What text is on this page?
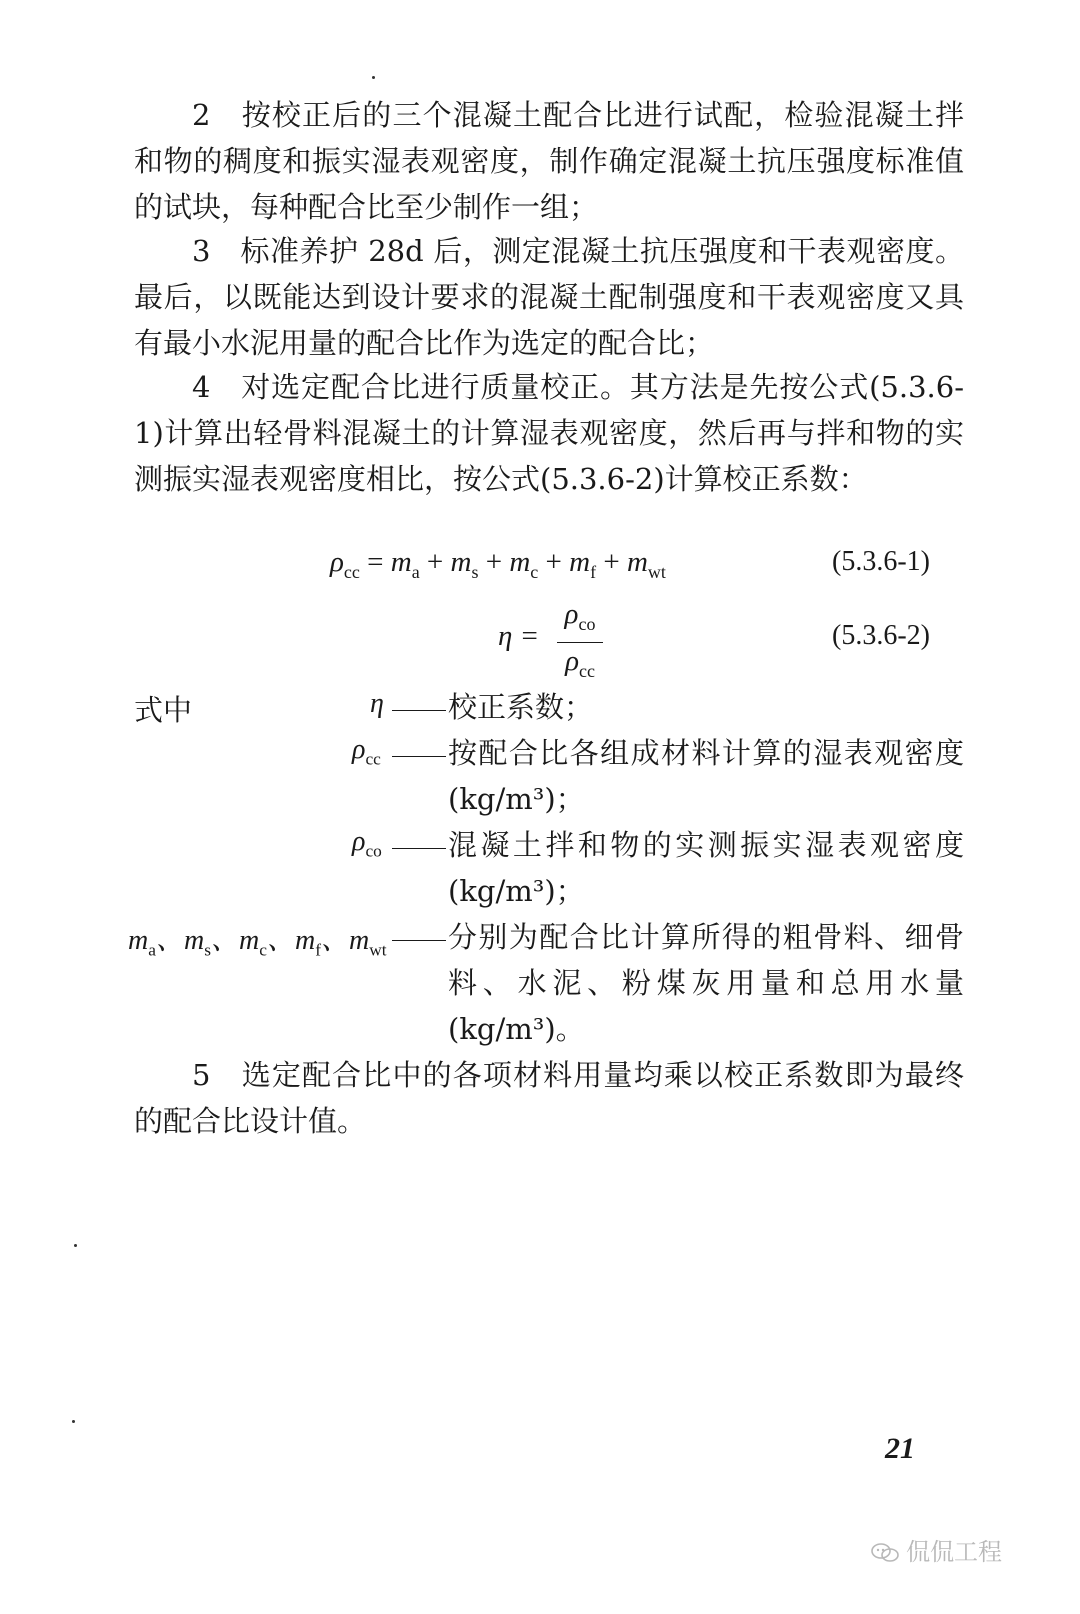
2　按校正后的三个混凝土配合比进行试配，检验混凝土拌和物的稠度和振实湿表观密度，制作确定混凝土抗压强度标准值的试块，每种配合比至少制作一组；

3　标准养护 28d 后，测定混凝土抗压强度和干表观密度。最后，以既能达到设计要求的混凝土配制强度和干表观密度又具有最小水泥用量的配合比作为选定的配合比；

4　对选定配合比进行质量校正。其方法是先按公式(5.3.6-1)计算出轻骨料混凝土的计算湿表观密度，然后再与拌和物的实测振实湿表观密度相比，按公式(5.3.6-2)计算校正系数：

$\rho_{cc} = m_a + m_s + m_c + m_f + m_{wt}$	(5.3.6-1)
η =
$\rho_{co}$
$\rho_{cc}$
(5.3.6-2)
式中	η 校正系数；

$\rho_{cc}$ 按配合比各组成材料计算的湿表观密度(kg/m³)；

$\rho_{co}$ 混凝土拌和物的实测振实湿表观密度(kg/m³)；

$m_a$、$m_s$、$m_c$、$m_f$、$m_{wt}$ 分别为配合比计算所得的粗骨料、细骨料、水泥、粉煤灰用量和总用水量(kg/m³)。

5　选定配合比中的各项材料用量均乘以校正系数即为最终的配合比设计值。

21
侃侃工程
